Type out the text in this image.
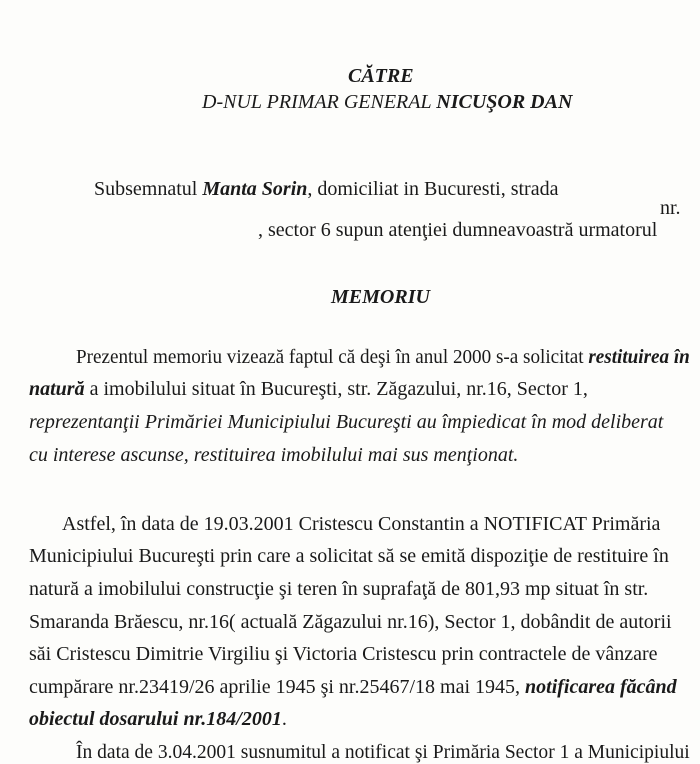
CĂTRE
D-NUL PRIMAR GENERAL NICUŞOR DAN
Subsemnatul Manta Sorin, domiciliat in Bucuresti, strada
nr.
, sector 6 supun atenţiei dumneavoastră urmatorul
MEMORIU
Prezentul memoriu vizează faptul că deşi în anul 2000 s-a solicitat restituirea în
natură a imobilului situat în Bucureşti, str. Zăgazului, nr.16, Sector 1,
reprezentanţii Primăriei Municipiului Bucureşti au împiedicat în mod deliberat
cu interese ascunse, restituirea imobilului mai sus menţionat.
Astfel, în data de 19.03.2001 Cristescu Constantin a NOTIFICAT Primăria
Municipiului Bucureşti prin care a solicitat să se emită dispoziţie de restituire în
natură a imobilului construcţie şi teren în suprafaţă de 801,93 mp situat în str.
Smaranda Brăescu, nr.16( actuală Zăgazului nr.16), Sector 1, dobândit de autorii
săi Cristescu Dimitrie Virgiliu şi Victoria Cristescu prin contractele de vânzare
cumpărare nr.23419/26 aprilie 1945 şi nr.25467/18 mai 1945, notificarea făcând
obiectul dosarului nr.184/2001.
În data de 3.04.2001 susnumitul a notificat şi Primăria Sector 1 a Municipiului
